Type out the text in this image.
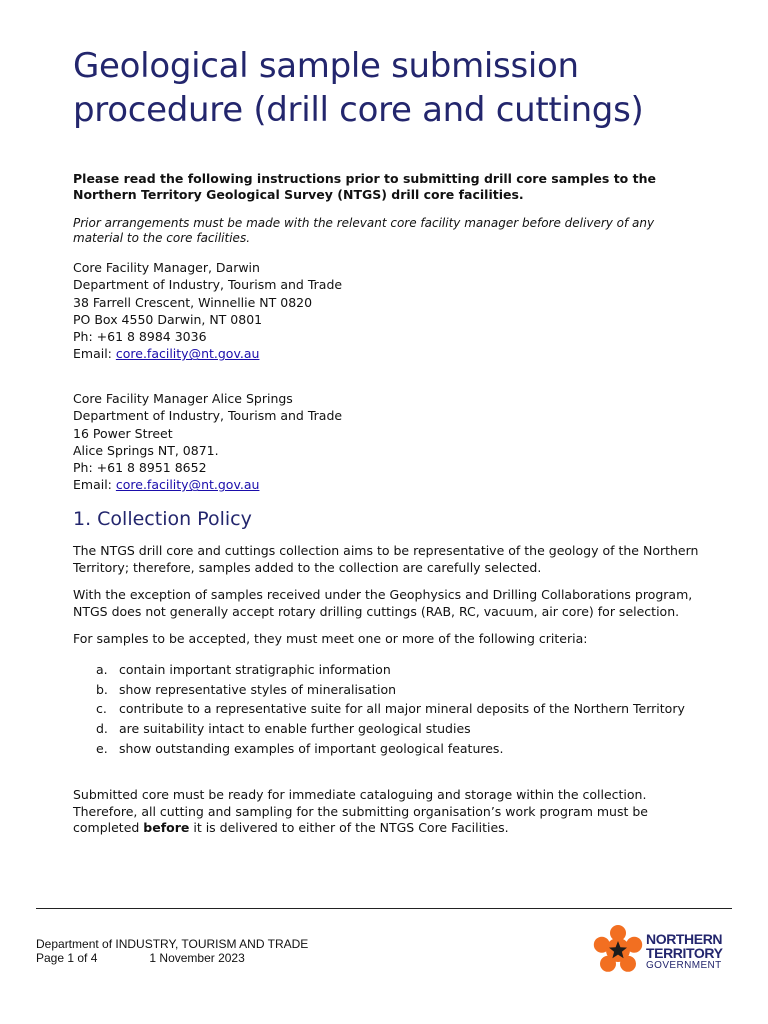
Geological sample submission procedure (drill core and cuttings)

Please read the following instructions prior to submitting drill core samples to the Northern Territory Geological Survey (NTGS) drill core facilities.

Prior arrangements must be made with the relevant core facility manager before delivery of any material to the core facilities.

Core Facility Manager, Darwin
Department of Industry, Tourism and Trade
38 Farrell Crescent, Winnellie NT 0820
PO Box 4550 Darwin, NT 0801
Ph: +61 8 8984 3036
Email: core.facility@nt.gov.au
Core Facility Manager Alice Springs
Department of Industry, Tourism and Trade
16 Power Street
Alice Springs NT, 0871.
Ph: +61 8 8951 8652
Email: core.facility@nt.gov.au
1. Collection Policy

The NTGS drill core and cuttings collection aims to be representative of the geology of the Northern Territory; therefore, samples added to the collection are carefully selected.

With the exception of samples received under the Geophysics and Drilling Collaborations program, NTGS does not generally accept rotary drilling cuttings (RAB, RC, vacuum, air core) for selection.

For samples to be accepted, they must meet one or more of the following criteria:

a. contain important stratigraphic information
b. show representative styles of mineralisation
c. contribute to a representative suite for all major mineral deposits of the Northern Territory
d. are suitability intact to enable further geological studies
e. show outstanding examples of important geological features.

Submitted core must be ready for immediate cataloguing and storage within the collection. Therefore, all cutting and sampling for the submitting organisation’s work program must be completed before it is delivered to either of the NTGS Core Facilities.

Department of INDUSTRY, TOURISM AND TRADE
Page 1 of 4	1 November 2023
NORTHERN
TERRITORY
GOVERNMENT
